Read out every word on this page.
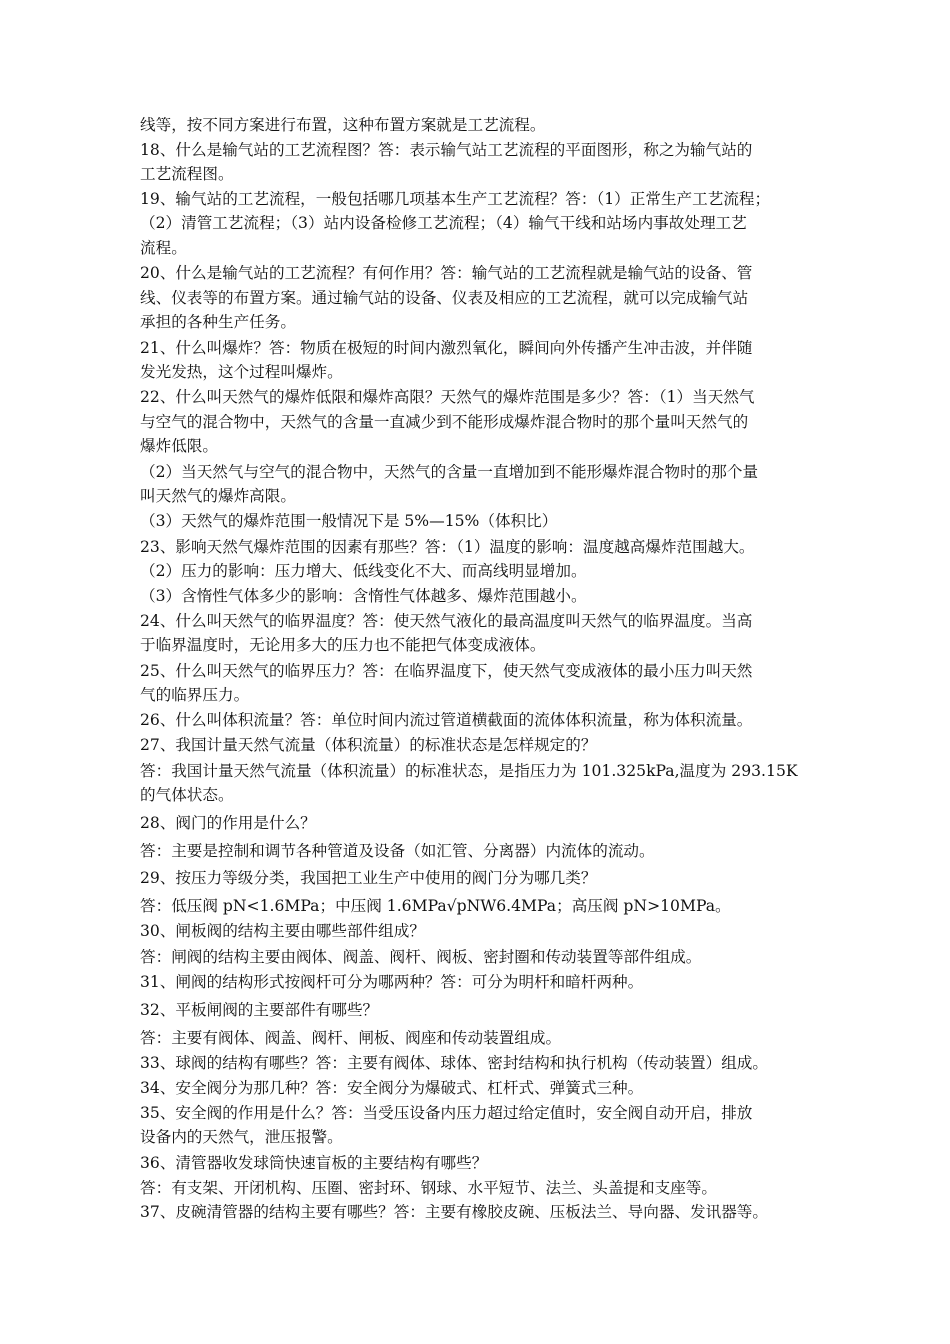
线等，按不同方案进行布置，这种布置方案就是工艺流程。
18、什么是输气站的工艺流程图？答：表示输气站工艺流程的平面图形，称之为输气站的
工艺流程图。
19、输气站的工艺流程，一般包括哪几项基本生产工艺流程？答：（1）正常生产工艺流程；
（2）清管工艺流程；（3）站内设备检修工艺流程；（4）输气干线和站场内事故处理工艺
流程。
20、什么是输气站的工艺流程？有何作用？答：输气站的工艺流程就是输气站的设备、管
线、仪表等的布置方案。通过输气站的设备、仪表及相应的工艺流程，就可以完成输气站
承担的各种生产任务。
21、什么叫爆炸？答：物质在极短的时间内激烈氧化，瞬间向外传播产生冲击波，并伴随
发光发热，这个过程叫爆炸。
22、什么叫天然气的爆炸低限和爆炸高限？天然气的爆炸范围是多少？答：（1）当天然气
与空气的混合物中，天然气的含量一直减少到不能形成爆炸混合物时的那个量叫天然气的
爆炸低限。
（2）当天然气与空气的混合物中，天然气的含量一直增加到不能形爆炸混合物时的那个量
叫天然气的爆炸高限。
（3）天然气的爆炸范围一般情况下是 5%—15%（体积比）
23、影响天然气爆炸范围的因素有那些？答：（1）温度的影响：温度越高爆炸范围越大。
（2）压力的影响：压力增大、低线变化不大、而高线明显增加。
（3）含惰性气体多少的影响：含惰性气体越多、爆炸范围越小。
24、什么叫天然气的临界温度？答：使天然气液化的最高温度叫天然气的临界温度。当高
于临界温度时，无论用多大的压力也不能把气体变成液体。
25、什么叫天然气的临界压力？答：在临界温度下，使天然气变成液体的最小压力叫天然
气的临界压力。
26、什么叫体积流量？答：单位时间内流过管道横截面的流体体积流量，称为体积流量。
27、我国计量天然气流量（体积流量）的标准状态是怎样规定的？
答：我国计量天然气流量（体积流量）的标准状态，是指压力为 101.325kPa,温度为 293.15K
的气体状态。
28、阀门的作用是什么？
答：主要是控制和调节各种管道及设备（如汇管、分离器）内流体的流动。
29、按压力等级分类，我国把工业生产中使用的阀门分为哪几类？
答：低压阀 pN<1.6MPa；中压阀 1.6MPa√pNW6.4MPa；高压阀 pN>10MPa。
30、闸板阀的结构主要由哪些部件组成？
答：闸阀的结构主要由阀体、阀盖、阀杆、阀板、密封圈和传动装置等部件组成。
31、闸阀的结构形式按阀杆可分为哪两种？答：可分为明杆和暗杆两种。
32、平板闸阀的主要部件有哪些？
答：主要有阀体、阀盖、阀杆、闸板、阀座和传动装置组成。
33、球阀的结构有哪些？答：主要有阀体、球体、密封结构和执行机构（传动装置）组成。
34、安全阀分为那几种？答：安全阀分为爆破式、杠杆式、弹簧式三种。
35、安全阀的作用是什么？答：当受压设备内压力超过给定值时，安全阀自动开启，排放
设备内的天然气，泄压报警。
36、清管器收发球筒快速盲板的主要结构有哪些？
答：有支架、开闭机构、压圈、密封环、钢球、水平短节、法兰、头盖提和支座等。
37、皮碗清管器的结构主要有哪些？答：主要有橡胶皮碗、压板法兰、导向器、发讯器等。
